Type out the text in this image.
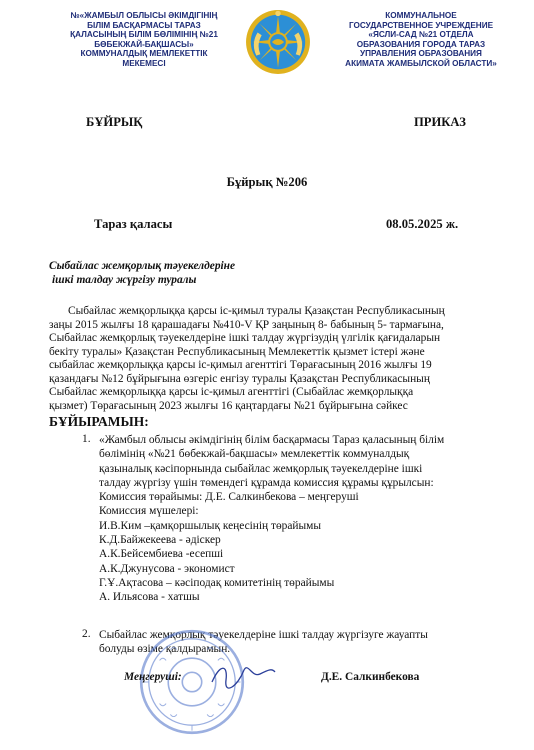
№«ЖАМБЫЛ ОБЛЫСЫ ӘКІМДІГІНІҢ
БІЛІМ БАСҚАРМАСЫ ТАРАЗ
ҚАЛАСЫНЫҢ БІЛІМ БӨЛІМІНІҢ №21
БӨБЕКЖАЙ-БАҚШАСЫ»
КОММУНАЛДЫҚ МЕМЛЕКЕТТІК
МЕКЕМЕСІ
КОММУНАЛЬНОЕ
ГОСУДАРСТВЕННОЕ УЧРЕЖДЕНИЕ
«ЯСЛИ-САД №21 ОТДЕЛА
ОБРАЗОВАНИЯ ГОРОДА ТАРАЗ
УПРАВЛЕНИЯ ОБРАЗОВАНИЯ
АКИМАТА ЖАМБЫЛСКОЙ ОБЛАСТИ»
БҰЙРЫҚ	ПРИКАЗ
Бұйрық №206
Тараз қаласы	08.05.2025 ж.
Сыбайлас жемқорлық тәуекелдеріне
ішкі талдау жүргізу туралы
Сыбайлас жемқорлыққа қарсы іс-қимыл туралы Қазақстан Республикасының
заңы 2015 жылғы 18 қарашадағы №410-V ҚР заңының 8- бабының 5- тармағына,
Сыбайлас жемқорлық тәуекелдеріне ішкі талдау жүргізудің үлгілік қағидаларын
бекіту туралы» Қазақстан Республикасының Мемлекеттік қызмет істері және
сыбайлас жемқорлыққа қарсы іс-қимыл агенттігі Төрағасының 2016 жылғы 19
қазандағы №12 бұйрығына өзгеріс енгізу туралы Қазақстан Республикасының
Сыбайлас жемқорлыққа қарсы іс-қимыл агенттігі (Сыбайлас жемқорлыққа
қызмет) Төрағасының 2023 жылғы 16 қаңтардағы №21 бұйрығына сәйкес
БҰЙЫРАМЫН:
1. «Жамбыл облысы әкімдігінің білім басқармасы Тараз қаласының білім
бөлімінің «№21 бөбекжай-бақшасы» мемлекеттік коммуналдық
қазыналық кәсіпорнында сыбайлас жемқорлық тәуекелдеріне ішкі
талдау жүргізу үшін төмендегі құрамда комиссия құрамы құрылсын:
Комиссия төрайымы: Д.Е. Салкинбекова – меңгеруші
Комиссия мүшелері:
И.В.Ким –қамқоршылық кеңесінің төрайымы
К.Д.Байжекеева - әдіскер
А.К.Бейсембиева -есепші
А.К.Джунусова - экономист
Г.Ұ.Ақтасова – кәсіподақ комитетінің төрайымы
А. Ильясова - хатшы
2. Сыбайлас жемқорлық тәуекелдеріне ішкі талдау жүргізуге жауапты
болуды өзіме қалдырамын.
Меңгеруші:	Д.Е. Салкинбекова
